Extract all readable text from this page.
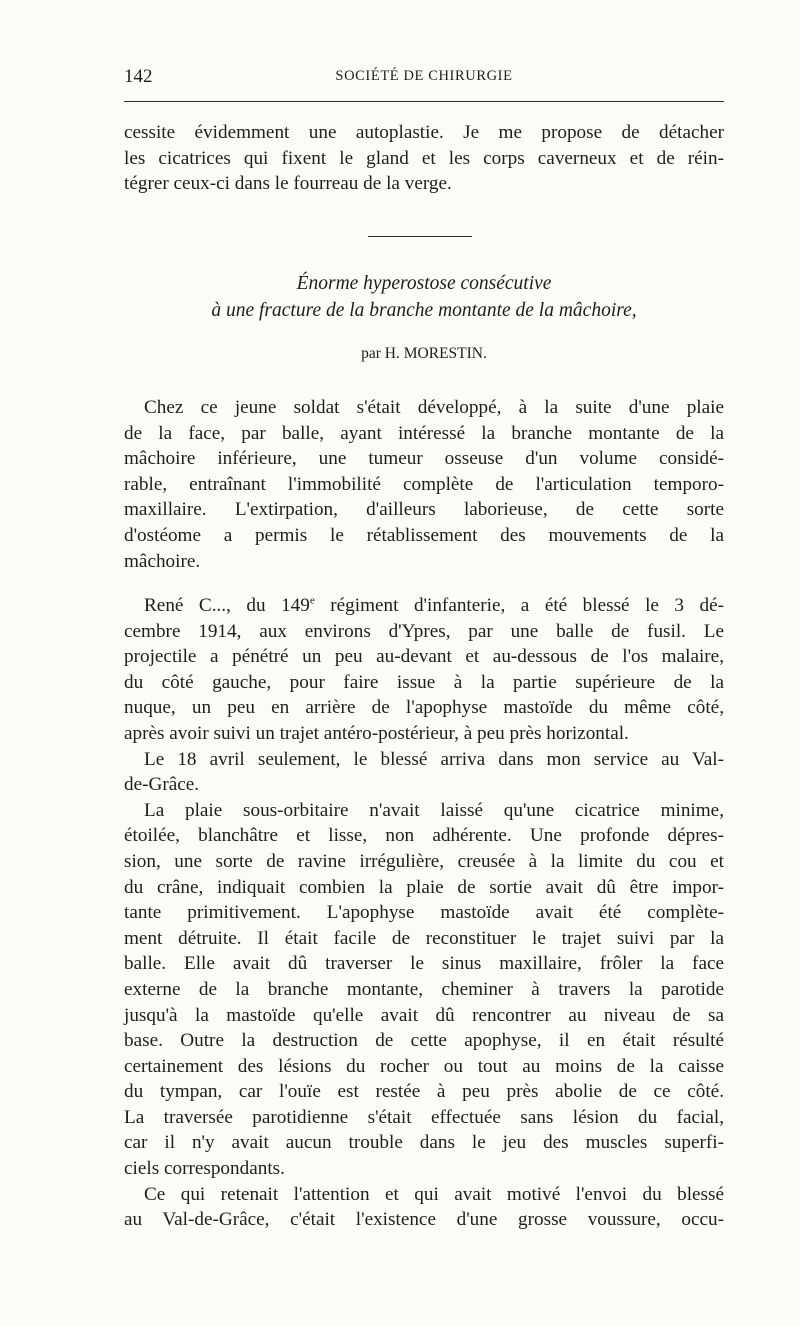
142	SOCIÉTÉ DE CHIRURGIE
cessite évidemment une autoplastie. Je me propose de détacher
les cicatrices qui fixent le gland et les corps caverneux et de réin-
tégrer ceux-ci dans le fourreau de la verge.
Énorme hyperostose consécutive
à une fracture de la branche montante de la mâchoire,
par H. MORESTIN.
Chez ce jeune soldat s'était développé, à la suite d'une plaie
de la face, par balle, ayant intéressé la branche montante de la
mâchoire inférieure, une tumeur osseuse d'un volume considé-
rable, entraînant l'immobilité complète de l'articulation temporo-
maxillaire. L'extirpation, d'ailleurs laborieuse, de cette sorte
d'ostéome a permis le rétablissement des mouvements de la
mâchoire.
René C..., du 149e régiment d'infanterie, a été blessé le 3 dé-
cembre 1914, aux environs d'Ypres, par une balle de fusil. Le
projectile a pénétré un peu au-devant et au-dessous de l'os malaire,
du côté gauche, pour faire issue à la partie supérieure de la
nuque, un peu en arrière de l'apophyse mastoïde du même côté,
après avoir suivi un trajet antéro-postérieur, à peu près horizontal.
Le 18 avril seulement, le blessé arriva dans mon service au Val-
de-Grâce.
La plaie sous-orbitaire n'avait laissé qu'une cicatrice minime,
étoilée, blanchâtre et lisse, non adhérente. Une profonde dépres-
sion, une sorte de ravine irrégulière, creusée à la limite du cou et
du crâne, indiquait combien la plaie de sortie avait dû être impor-
tante primitivement. L'apophyse mastoïde avait été complète-
ment détruite. Il était facile de reconstituer le trajet suivi par la
balle. Elle avait dû traverser le sinus maxillaire, frôler la face
externe de la branche montante, cheminer à travers la parotide
jusqu'à la mastoïde qu'elle avait dû rencontrer au niveau de sa
base. Outre la destruction de cette apophyse, il en était résulté
certainement des lésions du rocher ou tout au moins de la caisse
du tympan, car l'ouïe est restée à peu près abolie de ce côté.
La traversée parotidienne s'était effectuée sans lésion du facial,
car il n'y avait aucun trouble dans le jeu des muscles superfi-
ciels correspondants.
Ce qui retenait l'attention et qui avait motivé l'envoi du blessé
au Val-de-Grâce, c'était l'existence d'une grosse voussure, occu-
